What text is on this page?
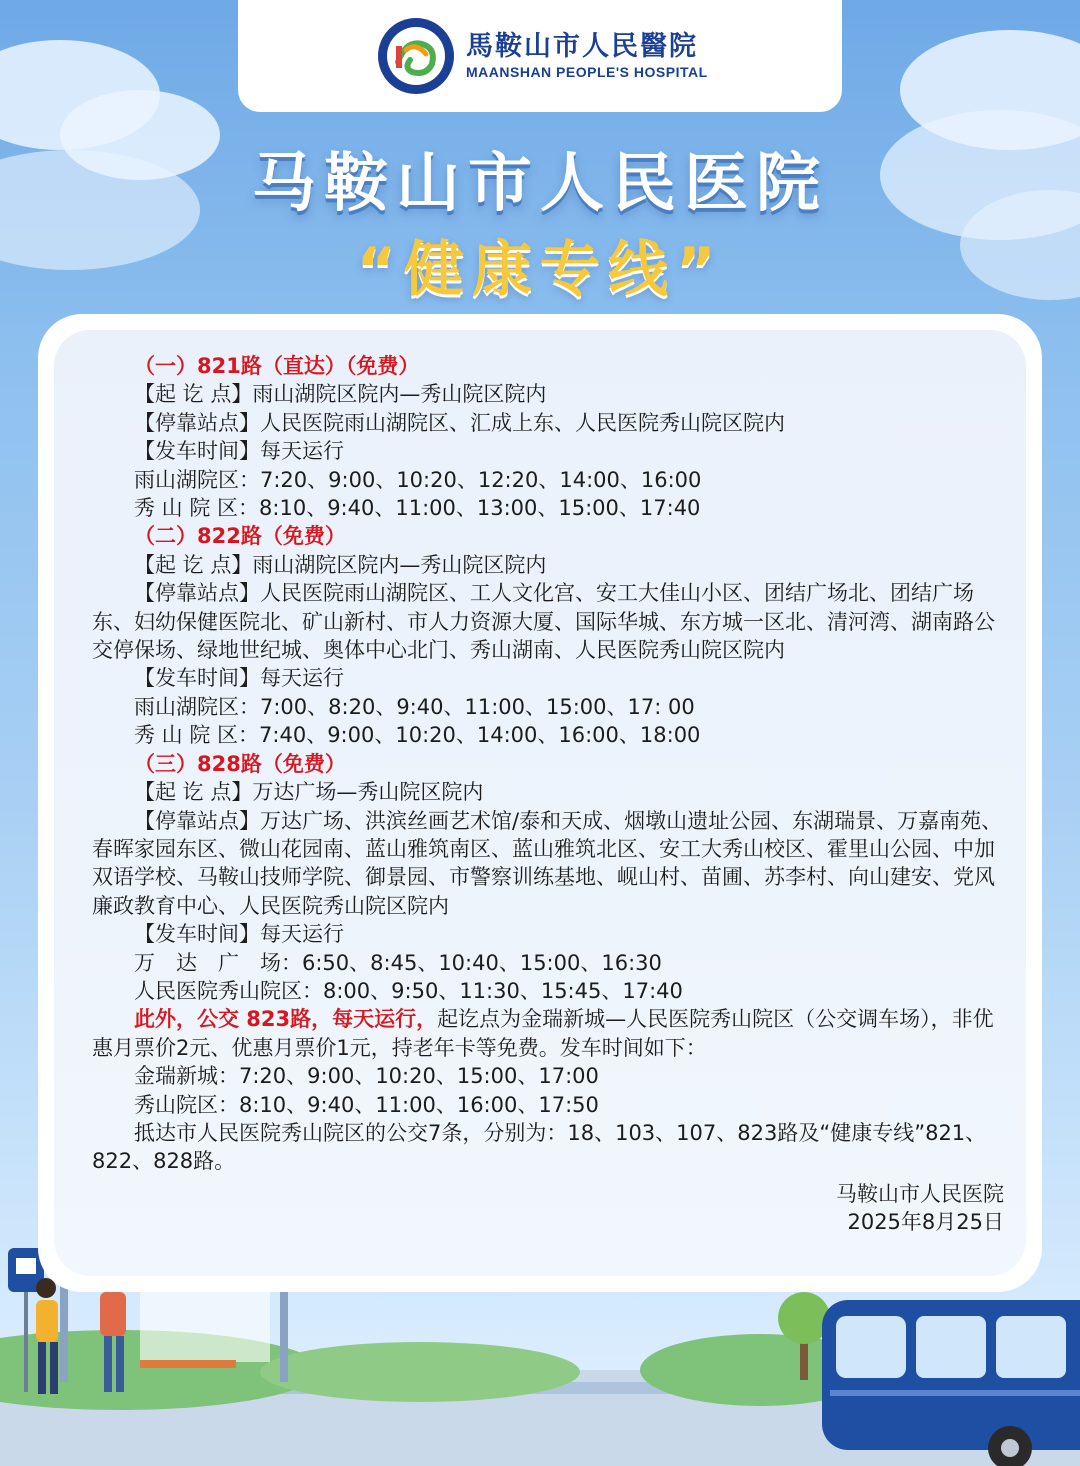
馬鞍山市人民醫院
MAANSHAN PEOPLE'S HOSPITAL
马鞍山市人民医院
“健康专线”

（一）821路（直达）（免费）

【起 讫 点】雨山湖院区院内—秀山院区院内

【停靠站点】人民医院雨山湖院区、汇成上东、人民医院秀山院区院内

【发车时间】每天运行

雨山湖院区：7:20、9:00、10:20、12:20、14:00、16:00

秀 山 院 区：8:10、9:40、11:00、13:00、15:00、17:40

（二）822路（免费）

【起 讫 点】雨山湖院区院内—秀山院区院内

【停靠站点】人民医院雨山湖院区、工人文化宫、安工大佳山小区、团结广场北、团结广场东、妇幼保健医院北、矿山新村、市人力资源大厦、国际华城、东方城一区北、清河湾、湖南路公交停保场、绿地世纪城、奥体中心北门、秀山湖南、人民医院秀山院区院内

【发车时间】每天运行

雨山湖院区：7:00、8:20、9:40、11:00、15:00、17: 00

秀 山 院 区：7:40、9:00、10:20、14:00、16:00、18:00

（三）828路（免费）

【起 讫 点】万达广场—秀山院区院内

【停靠站点】万达广场、洪滨丝画艺术馆/泰和天成、烟墩山遗址公园、东湖瑞景、万嘉南苑、春晖家园东区、微山花园南、蓝山雅筑南区、蓝山雅筑北区、安工大秀山校区、霍里山公园、中加双语学校、马鞍山技师学院、御景园、市警察训练基地、岘山村、苗圃、苏李村、向山建安、党风廉政教育中心、人民医院秀山院区院内

【发车时间】每天运行

万　达　广　场：6:50、8:45、10:40、15:00、16:30

人民医院秀山院区：8:00、9:50、11:30、15:45、17:40

此外，公交 823路，每天运行，起讫点为金瑞新城—人民医院秀山院区（公交调车场），非优惠月票价2元、优惠月票价1元，持老年卡等免费。发车时间如下：

金瑞新城：7:20、9:00、10:20、15:00、17:00

秀山院区：8:10、9:40、11:00、16:00、17:50

抵达市人民医院秀山院区的公交7条，分别为：18、103、107、823路及“健康专线”821、822、828路。

马鞍山市人民医院

2025年8月25日
